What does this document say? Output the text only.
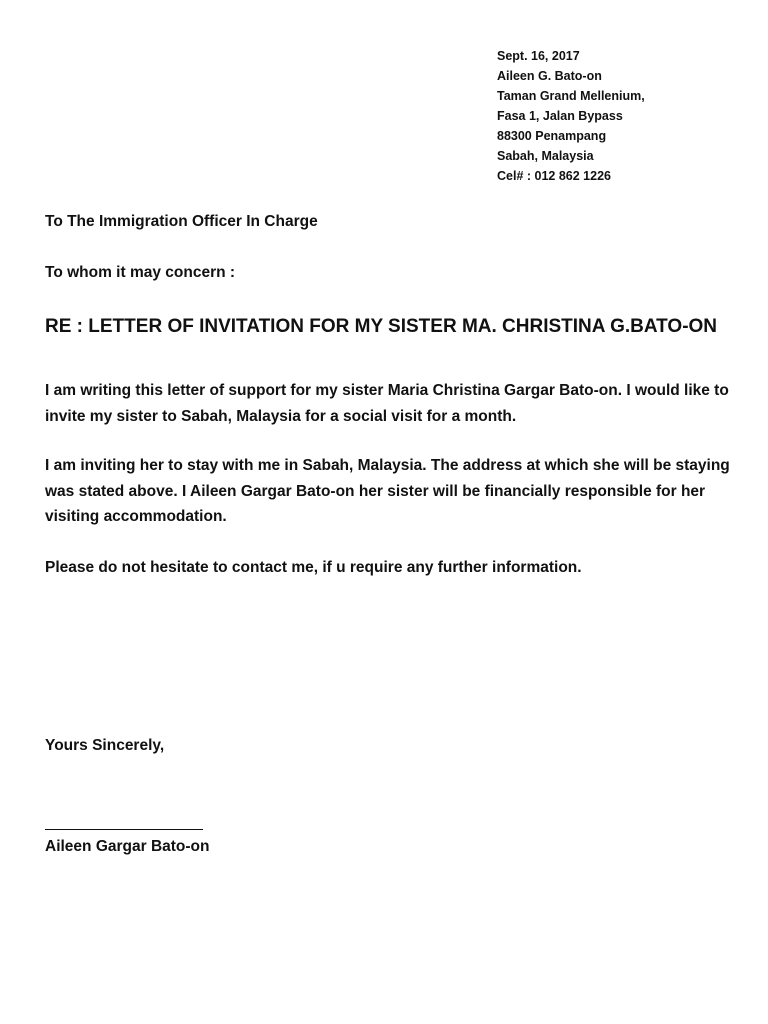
Sept. 16, 2017
Aileen G. Bato-on
Taman Grand Mellenium,
Fasa 1, Jalan Bypass
88300 Penampang
Sabah, Malaysia
Cel# : 012 862 1226
To The Immigration Officer In Charge
To whom it may concern :
RE : LETTER OF INVITATION FOR MY SISTER MA. CHRISTINA G.BATO-ON
I am writing this letter of support for my sister Maria Christina Gargar Bato-on. I would like to invite my sister to Sabah, Malaysia for a social visit for a month.
I am inviting her to stay with me in Sabah, Malaysia. The address at which she will be staying was stated above. I Aileen Gargar Bato-on her sister will be financially responsible for her visiting accommodation.
Please do not hesitate to contact me, if u require any further information.
Yours Sincerely,
Aileen Gargar Bato-on
